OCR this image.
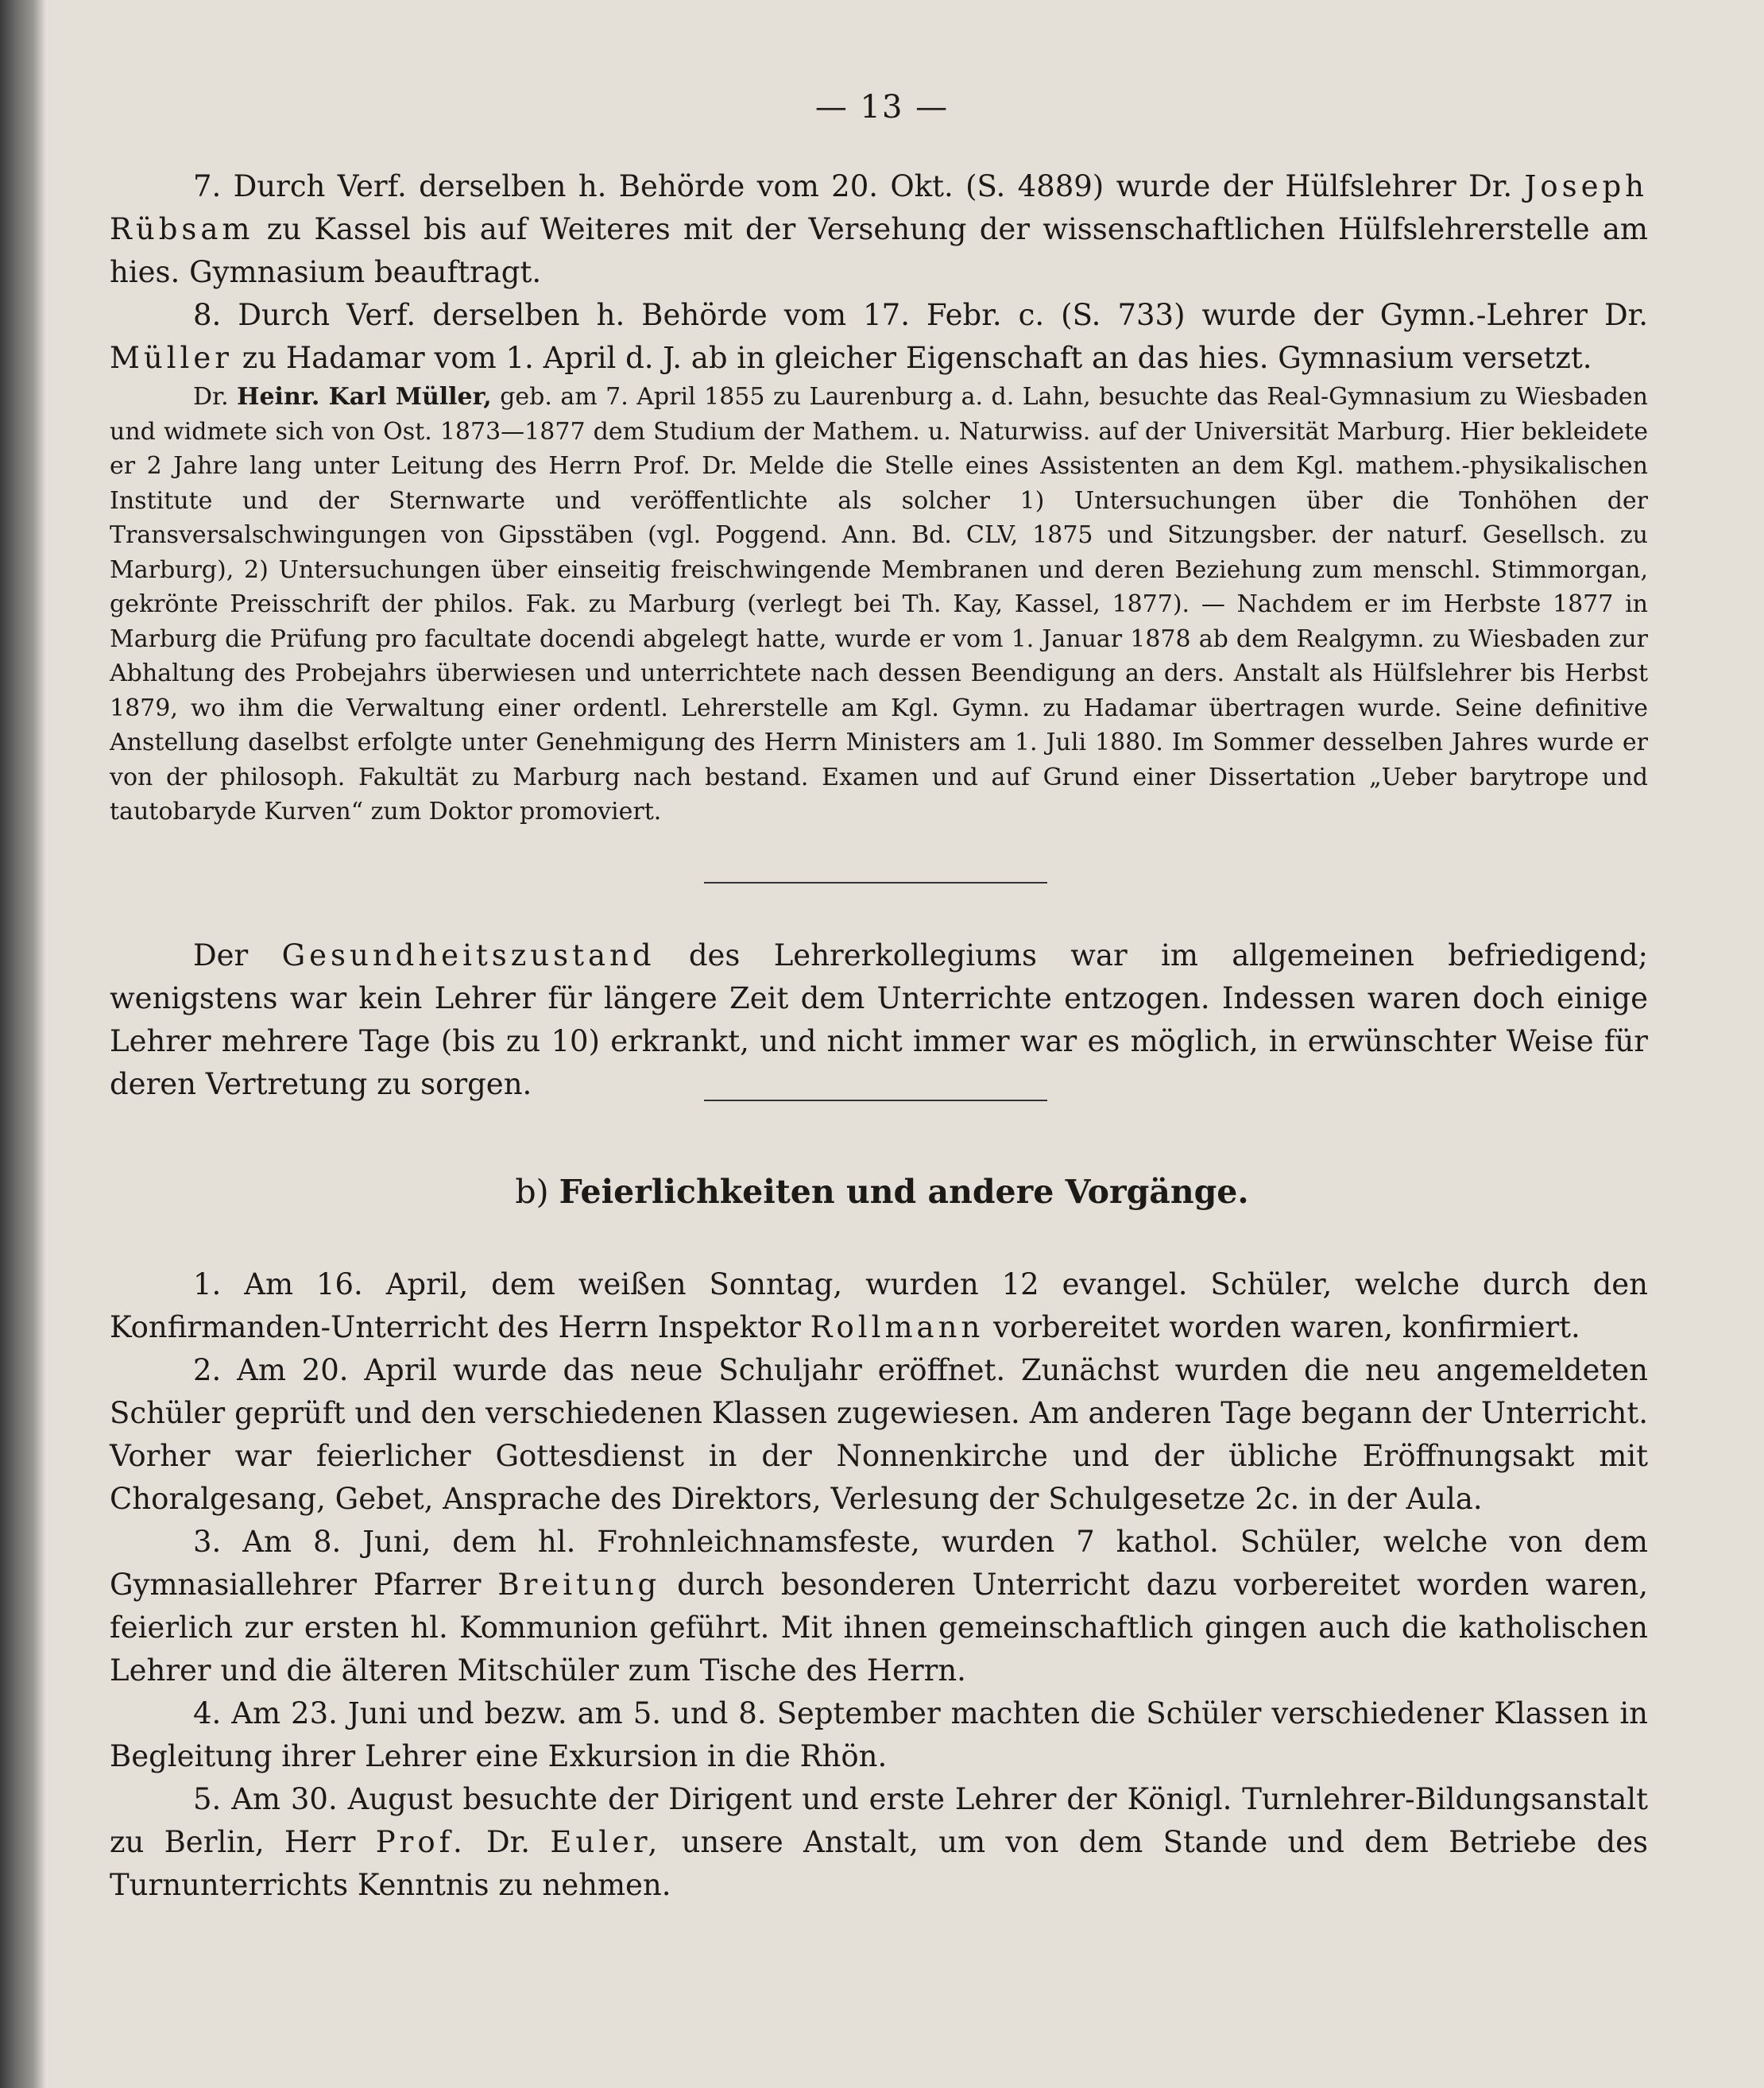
— 13 —

7. Durch Verf. derselben h. Behörde vom 20. Okt. (S. 4889) wurde der Hülfslehrer Dr. Joseph Rübsam zu Kassel bis auf Weiteres mit der Versehung der wissenschaftlichen Hülfslehrerstelle am hies. Gymnasium beauftragt.

8. Durch Verf. derselben h. Behörde vom 17. Febr. c. (S. 733) wurde der Gymn.-Lehrer Dr. Müller zu Hadamar vom 1. April d. J. ab in gleicher Eigenschaft an das hies. Gymnasium versetzt.

Dr. Heinr. Karl Müller, geb. am 7. April 1855 zu Laurenburg a. d. Lahn, besuchte das Real-Gymnasium zu Wiesbaden und widmete sich von Ost. 1873—1877 dem Studium der Mathem. u. Naturwiss. auf der Universität Marburg. Hier bekleidete er 2 Jahre lang unter Leitung des Herrn Prof. Dr. Melde die Stelle eines Assistenten an dem Kgl. mathem.-physikalischen Institute und der Sternwarte und veröffentlichte als solcher 1) Untersuchungen über die Tonhöhen der Transversalschwingungen von Gipsstäben (vgl. Poggend. Ann. Bd. CLV, 1875 und Sitzungsber. der naturf. Gesellsch. zu Marburg), 2) Untersuchungen über einseitig freischwingende Membranen und deren Beziehung zum menschl. Stimmorgan, gekrönte Preisschrift der philos. Fak. zu Marburg (verlegt bei Th. Kay, Kassel, 1877). — Nachdem er im Herbste 1877 in Marburg die Prüfung pro facultate docendi abgelegt hatte, wurde er vom 1. Januar 1878 ab dem Realgymn. zu Wiesbaden zur Abhaltung des Probejahrs überwiesen und unterrichtete nach dessen Beendigung an ders. Anstalt als Hülfslehrer bis Herbst 1879, wo ihm die Verwaltung einer ordentl. Lehrerstelle am Kgl. Gymn. zu Hadamar übertragen wurde. Seine definitive Anstellung daselbst erfolgte unter Genehmigung des Herrn Ministers am 1. Juli 1880. Im Sommer desselben Jahres wurde er von der philosoph. Fakultät zu Marburg nach bestand. Examen und auf Grund einer Dissertation „Ueber barytrope und tautobaryde Kurven“ zum Doktor promoviert.

Der Gesundheitszustand des Lehrerkollegiums war im allgemeinen befriedigend; wenigstens war kein Lehrer für längere Zeit dem Unterrichte entzogen. Indessen waren doch einige Lehrer mehrere Tage (bis zu 10) erkrankt, und nicht immer war es möglich, in erwünschter Weise für deren Vertretung zu sorgen.

b) Feierlichkeiten und andere Vorgänge.

1. Am 16. April, dem weißen Sonntag, wurden 12 evangel. Schüler, welche durch den Konfirmanden-Unterricht des Herrn Inspektor Rollmann vorbereitet worden waren, konfirmiert.

2. Am 20. April wurde das neue Schuljahr eröffnet. Zunächst wurden die neu angemeldeten Schüler geprüft und den verschiedenen Klassen zugewiesen. Am anderen Tage begann der Unterricht. Vorher war feierlicher Gottesdienst in der Nonnenkirche und der übliche Eröffnungsakt mit Choralgesang, Gebet, Ansprache des Direktors, Verlesung der Schulgesetze 2c. in der Aula.

3. Am 8. Juni, dem hl. Frohnleichnamsfeste, wurden 7 kathol. Schüler, welche von dem Gymnasiallehrer Pfarrer Breitung durch besonderen Unterricht dazu vorbereitet worden waren, feierlich zur ersten hl. Kommunion geführt. Mit ihnen gemeinschaftlich gingen auch die katholischen Lehrer und die älteren Mitschüler zum Tische des Herrn.

4. Am 23. Juni und bezw. am 5. und 8. September machten die Schüler verschiedener Klassen in Begleitung ihrer Lehrer eine Exkursion in die Rhön.

5. Am 30. August besuchte der Dirigent und erste Lehrer der Königl. Turnlehrer-Bildungsanstalt zu Berlin, Herr Prof. Dr. Euler, unsere Anstalt, um von dem Stande und dem Betriebe des Turnunterrichts Kenntnis zu nehmen.
